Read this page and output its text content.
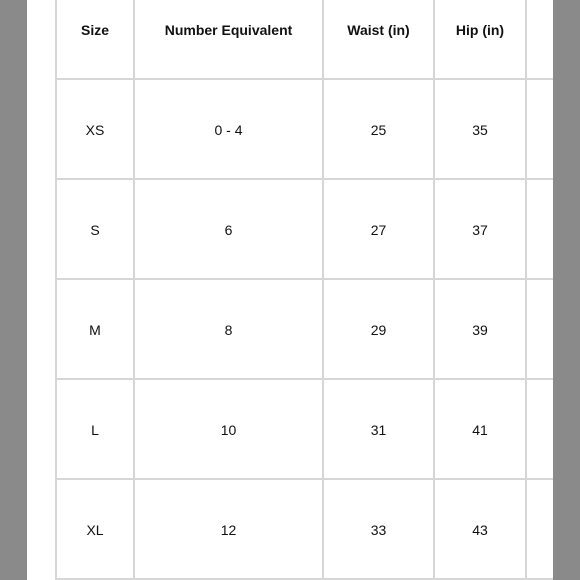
Size	Number Equivalent	Waist (in)	Hip (in)	
XS	0 - 4	25	35	
S	6	27	37	
M	8	29	39	
L	10	31	41	
XL	12	33	43	
